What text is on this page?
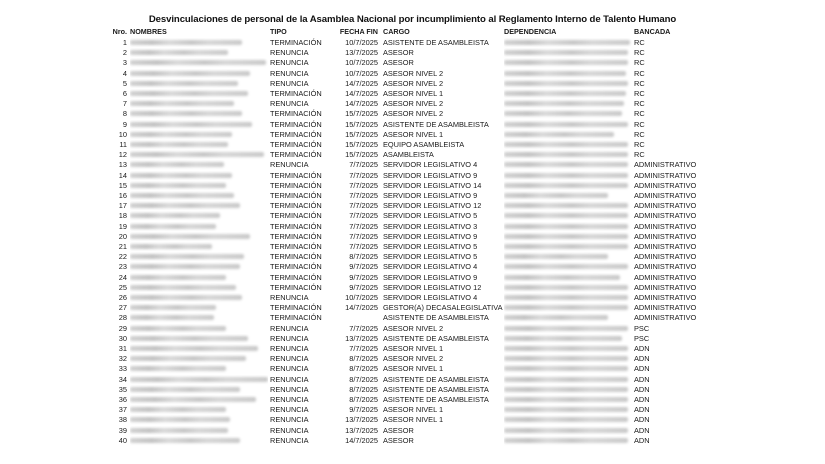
Desvinculaciones de personal de la Asamblea Nacional por incumplimiento al Reglamento Interno de Talento Humano
Nro. NOMBRES	TIPO	FECHA FIN CARGO	DEPENDENCIA	BANCADA
1	TERMINACIÓN	10/7/2025 ASISTENTE DE ASAMBLEISTA	RC
2	RENUNCIA	13/7/2025 ASESOR	RC
3	RENUNCIA	10/7/2025 ASESOR	RC
4	RENUNCIA	10/7/2025 ASESOR NIVEL 2	RC
5	RENUNCIA	14/7/2025 ASESOR NIVEL 2	RC
6	TERMINACIÓN	14/7/2025 ASESOR NIVEL 1	RC
7	RENUNCIA	14/7/2025 ASESOR NIVEL 2	RC
8	TERMINACIÓN	15/7/2025 ASESOR NIVEL 2	RC
9	TERMINACIÓN	15/7/2025 ASISTENTE DE ASAMBLEISTA	RC
10	TERMINACIÓN	15/7/2025 ASESOR NIVEL 1	RC
11	TERMINACIÓN	15/7/2025 EQUIPO ASAMBLEISTA	RC
12	TERMINACIÓN	15/7/2025 ASAMBLEISTA	RC
13	RENUNCIA	7/7/2025 SERVIDOR LEGISLATIVO 4	ADMINISTRATIVO
14	TERMINACIÓN	7/7/2025 SERVIDOR LEGISLATIVO 9	ADMINISTRATIVO
15	TERMINACIÓN	7/7/2025 SERVIDOR LEGISLATIVO 14	ADMINISTRATIVO
16	TERMINACIÓN	7/7/2025 SERVIDOR LEGISLATIVO 9	ADMINISTRATIVO
17	TERMINACIÓN	7/7/2025 SERVIDOR LEGISLATIVO 12	ADMINISTRATIVO
18	TERMINACIÓN	7/7/2025 SERVIDOR LEGISLATIVO 5	ADMINISTRATIVO
19	TERMINACIÓN	7/7/2025 SERVIDOR LEGISLATIVO 3	ADMINISTRATIVO
20	TERMINACIÓN	7/7/2025 SERVIDOR LEGISLATIVO 9	ADMINISTRATIVO
21	TERMINACIÓN	7/7/2025 SERVIDOR LEGISLATIVO 5	ADMINISTRATIVO
22	TERMINACIÓN	8/7/2025 SERVIDOR LEGISLATIVO 5	ADMINISTRATIVO
23	TERMINACIÓN	9/7/2025 SERVIDOR LEGISLATIVO 4	ADMINISTRATIVO
24	TERMINACIÓN	9/7/2025 SERVIDOR LEGISLATIVO 9	ADMINISTRATIVO
25	TERMINACIÓN	9/7/2025 SERVIDOR LEGISLATIVO 12	ADMINISTRATIVO
26	RENUNCIA	10/7/2025 SERVIDOR LEGISLATIVO 4	ADMINISTRATIVO
27	TERMINACIÓN	14/7/2025 GESTOR(A) DECASALEGISLATIVA	ADMINISTRATIVO
28	TERMINACIÓN	ASISTENTE DE ASAMBLEISTA	ADMINISTRATIVO
29	RENUNCIA	7/7/2025 ASESOR NIVEL 2	PSC
30	RENUNCIA	13/7/2025 ASISTENTE DE ASAMBLEISTA	PSC
31	RENUNCIA	7/7/2025 ASESOR NIVEL 1	ADN
32	RENUNCIA	8/7/2025 ASESOR NIVEL 2	ADN
33	RENUNCIA	8/7/2025 ASESOR NIVEL 1	ADN
34	RENUNCIA	8/7/2025 ASISTENTE DE ASAMBLEISTA	ADN
35	RENUNCIA	8/7/2025 ASISTENTE DE ASAMBLEISTA	ADN
36	RENUNCIA	8/7/2025 ASISTENTE DE ASAMBLEISTA	ADN
37	RENUNCIA	9/7/2025 ASESOR NIVEL 1	ADN
38	RENUNCIA	13/7/2025 ASESOR NIVEL 1	ADN
39	RENUNCIA	13/7/2025 ASESOR	ADN
40	RENUNCIA	14/7/2025 ASESOR	ADN
